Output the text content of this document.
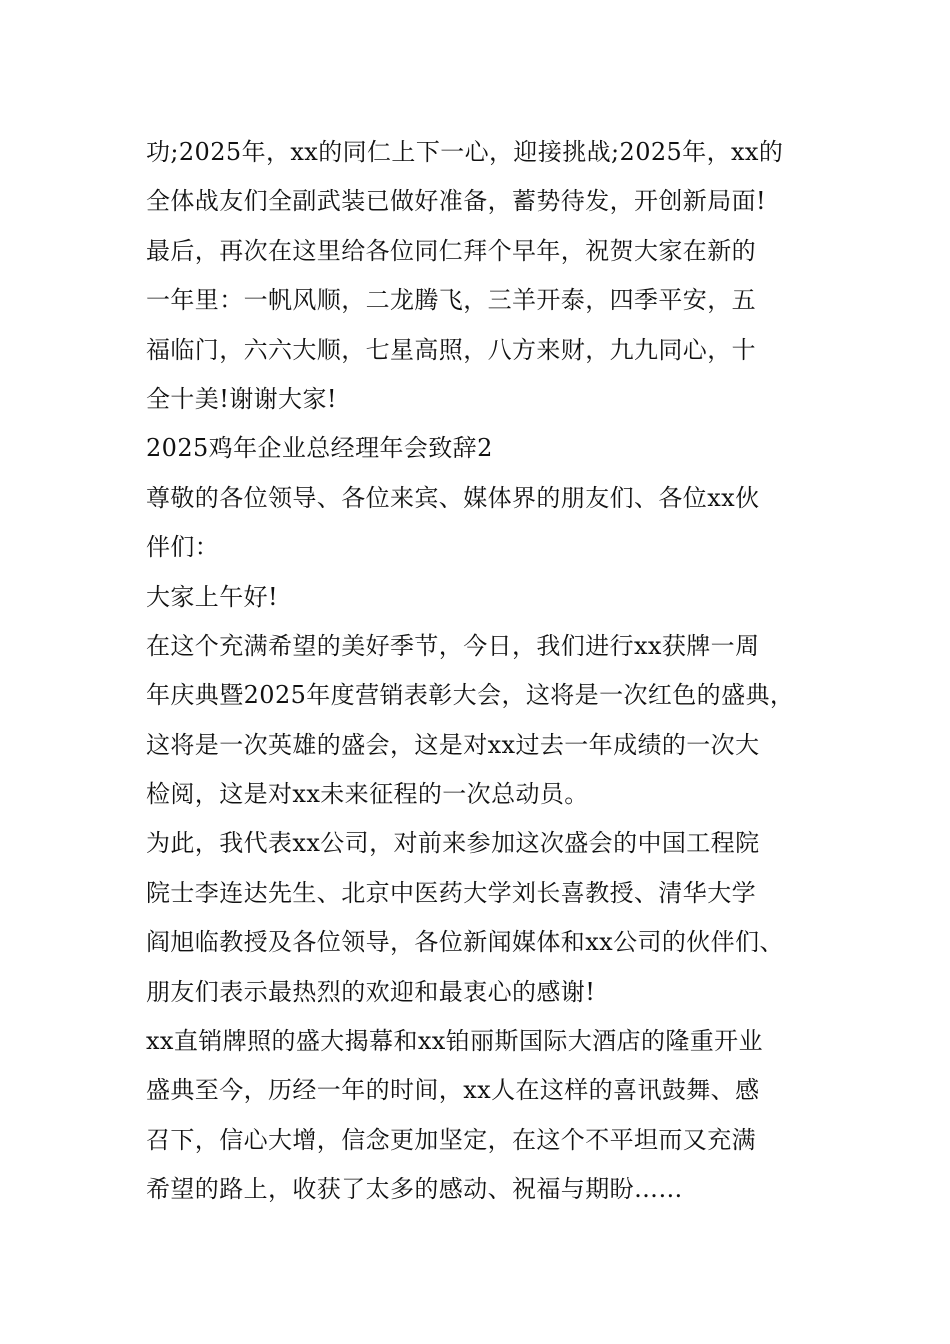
功;2025年，xx的同仁上下一心，迎接挑战;2025年，xx的
全体战友们全副武装已做好准备，蓄势待发，开创新局面!
最后，再次在这里给各位同仁拜个早年，祝贺大家在新的
一年里：一帆风顺，二龙腾飞，三羊开泰，四季平安，五
福临门，六六大顺，七星高照，八方来财，九九同心，十
全十美!谢谢大家!
2025鸡年企业总经理年会致辞2
尊敬的各位领导、各位来宾、媒体界的朋友们、各位xx伙
伴们：
大家上午好!
在这个充满希望的美好季节，今日，我们进行xx获牌一周
年庆典暨2025年度营销表彰大会，这将是一次红色的盛典，
这将是一次英雄的盛会，这是对xx过去一年成绩的一次大
检阅，这是对xx未来征程的一次总动员。
为此，我代表xx公司，对前来参加这次盛会的中国工程院
院士李连达先生、北京中医药大学刘长喜教授、清华大学
阎旭临教授及各位领导，各位新闻媒体和xx公司的伙伴们、
朋友们表示最热烈的欢迎和最衷心的感谢!
xx直销牌照的盛大揭幕和xx铂丽斯国际大酒店的隆重开业
盛典至今，历经一年的时间，xx人在这样的喜讯鼓舞、感
召下，信心大增，信念更加坚定，在这个不平坦而又充满
希望的路上，收获了太多的感动、祝福与期盼……
